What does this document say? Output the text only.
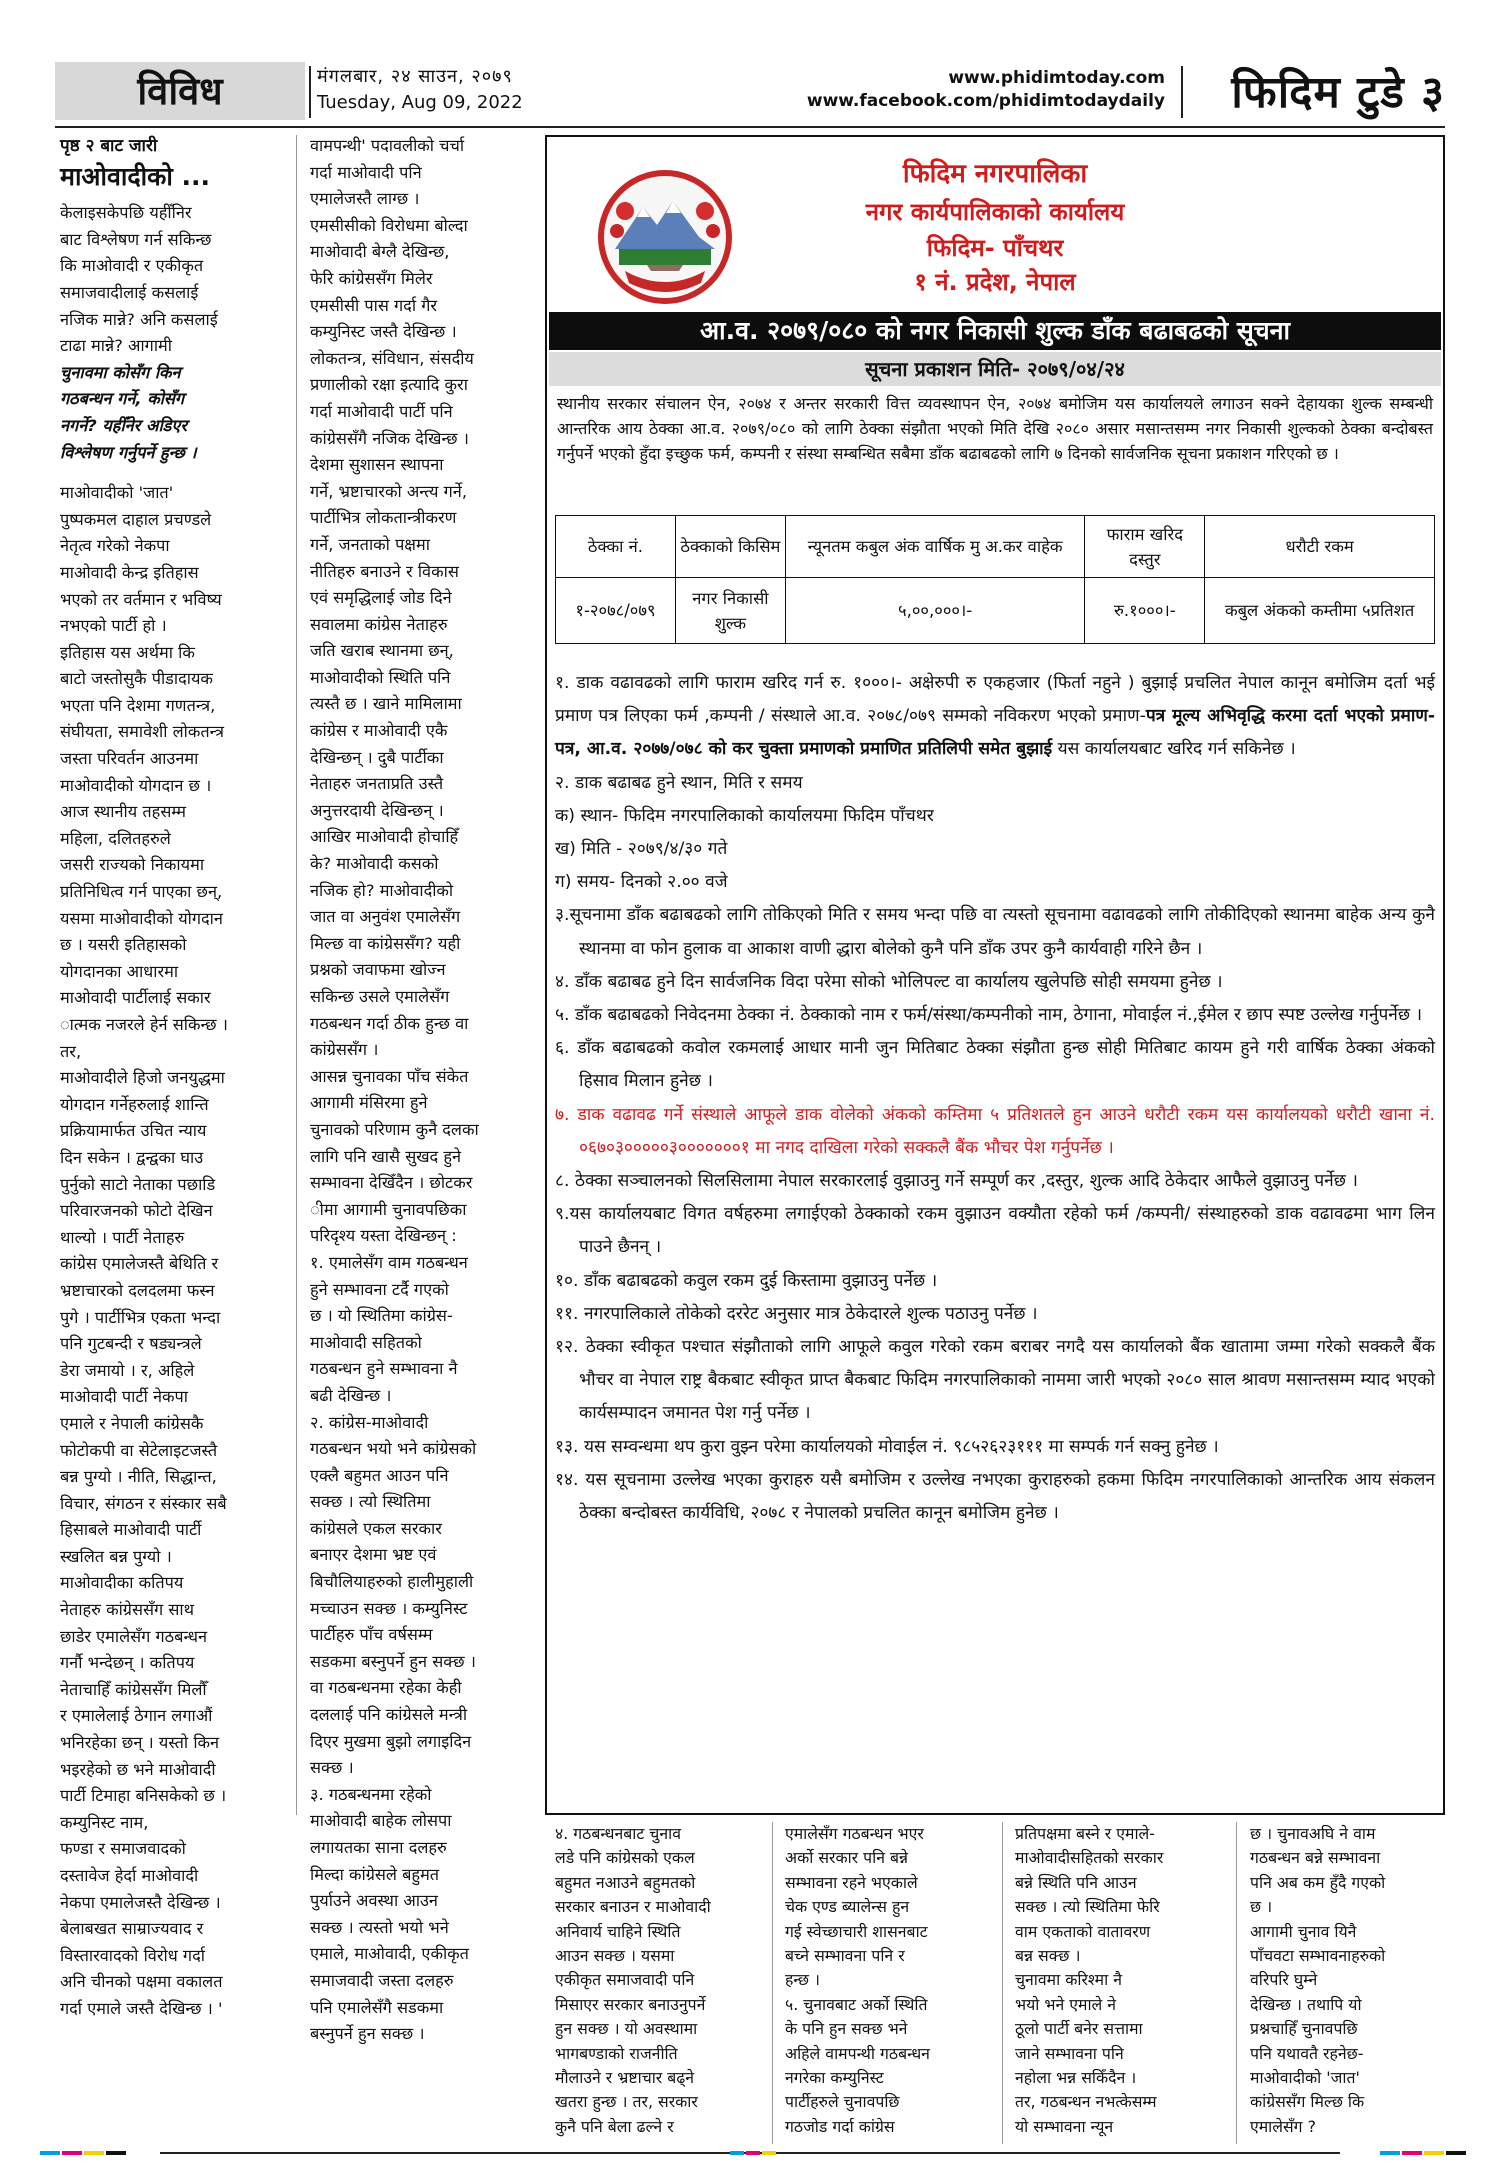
विविध	मंगलबार, २४ साउन, २०७९
Tuesday, Aug 09, 2022
www.phidimtoday.com
www.facebook.com/phidimtodaydaily फिदिम टुडे ३
पृष्ठ २ बाट जारी
माओवादीको ...

केलाइसकेपछि यहीँनिर
बाट विश्लेषण गर्न सकिन्छ
कि माओवादी र एकीकृत
समाजवादीलाई कसलाई
नजिक मान्ने? अनि कसलाई
टाढा मान्ने? आगामी

चुनावमा कोसँग किन
गठबन्धन गर्ने, कोसँग
नगर्ने? यहीँनेर अडिएर
विश्लेषण गर्नुपर्ने हुन्छ ।

माओवादीको 'जात'
पुष्पकमल दाहाल प्रचण्डले
नेतृत्व गरेको नेकपा
माओवादी केन्द्र इतिहास
भएको तर वर्तमान र भविष्य
नभएको पार्टी हो ।
इतिहास यस अर्थमा कि
बाटो जस्तोसुकै पीडादायक
भएता पनि देशमा गणतन्त्र,
संघीयता, समावेशी लोकतन्त्र
जस्ता परिवर्तन आउनमा
माओवादीको योगदान छ ।
आज स्थानीय तहसम्म
महिला, दलितहरुले
जसरी राज्यको निकायमा
प्रतिनिधित्व गर्न पाएका छन्,
यसमा माओवादीको योगदान
छ । यसरी इतिहासको
योगदानका आधारमा
माओवादी पार्टीलाई सकार
ात्मक नजरले हेर्न सकिन्छ ।
तर,
माओवादीले हिजो जनयुद्धमा
योगदान गर्नेहरुलाई शान्ति
प्रक्रियामार्फत उचित न्याय
दिन सकेन । द्वन्द्वका घाउ
पुर्नुको साटो नेताका पछाडि
परिवारजनको फोटो देखिन
थाल्यो । पार्टी नेताहरु
कांग्रेस एमालेजस्तै बेथिति र
भ्रष्टाचारको दलदलमा फस्न
पुगे । पार्टीभित्र एकता भन्दा
पनि गुटबन्दी र षड्यन्त्रले
डेरा जमायो । र, अहिले
माओवादी पार्टी नेकपा
एमाले र नेपाली कांग्रेसकै
फोटोकपी वा सेटेलाइटजस्तै
बन्न पुग्यो । नीति, सिद्धान्त,
विचार, संगठन र संस्कार सबै
हिसाबले माओवादी पार्टी
स्खलित बन्न पुग्यो ।
माओवादीका कतिपय
नेताहरु कांग्रेससँग साथ
छाडेर एमालेसँग गठबन्धन
गर्नौ भन्देछन् । कतिपय
नेताचाहिँ कांग्रेससँग मिलौँ
र एमालेलाई ठेगान लगाऔं
भनिरहेका छन् । यस्तो किन
भइरहेको छ भने माओवादी
पार्टी टिमाहा बनिसकेको छ ।
कम्युनिस्ट नाम,
फण्डा र समाजवादको
दस्तावेज हेर्दा माओवादी
नेकपा एमालेजस्तै देखिन्छ ।
बेलाबखत साम्राज्यवाद र
विस्तारवादको विरोध गर्दा
अनि चीनको पक्षमा वकालत
गर्दा एमाले जस्तै देखिन्छ । '

वामपन्थी' पदावलीको चर्चा
गर्दा माओवादी पनि
एमालेजस्तै लाग्छ ।
एमसीसीको विरोधमा बोल्दा
माओवादी बेग्लै देखिन्छ,
फेरि कांग्रेससँग मिलेर
एमसीसी पास गर्दा गैर
कम्युनिस्ट जस्तै देखिन्छ ।
लोकतन्त्र, संविधान, संसदीय
प्रणालीको रक्षा इत्यादि कुरा
गर्दा माओवादी पार्टी पनि
कांग्रेससँगै नजिक देखिन्छ ।
देशमा सुशासन स्थापना
गर्ने, भ्रष्टाचारको अन्त्य गर्ने,
पार्टीभित्र लोकतान्त्रीकरण
गर्ने, जनताको पक्षमा
नीतिहरु बनाउने र विकास
एवं समृद्धिलाई जोड दिने
सवालमा कांग्रेस नेताहरु
जति खराब स्थानमा छन्,
माओवादीको स्थिति पनि
त्यस्तै छ । खाने मामिलामा
कांग्रेस र माओवादी एकै
देखिन्छन् । दुबै पार्टीका
नेताहरु जनताप्रति उस्तै
अनुत्तरदायी देखिन्छन् ।
आखिर माओवादी होचाहिँ
के? माओवादी कसको
नजिक हो? माओवादीको
जात वा अनुवंश एमालेसँग
मिल्छ वा कांग्रेससँग? यही
प्रश्नको जवाफमा खोज्न
सकिन्छ उसले एमालेसँग
गठबन्धन गर्दा ठीक हुन्छ वा
कांग्रेससँग ।
आसन्न चुनावका पाँच संकेत
आगामी मंसिरमा हुने
चुनावको परिणाम कुनै दलका
लागि पनि खासै सुखद हुने
सम्भावना देखिँदैन । छोटकर
ीमा आगामी चुनावपछिका
परिदृश्य यस्ता देखिन्छन् :
१. एमालेसँग वाम गठबन्धन
हुने सम्भावना टर्दै गएको
छ । यो स्थितिमा कांग्रेस-
माओवादी सहितको
गठबन्धन हुने सम्भावना नै
बढी देखिन्छ ।
२. कांग्रेस-माओवादी
गठबन्धन भयो भने कांग्रेसको
एक्लै बहुमत आउन पनि
सक्छ । त्यो स्थितिमा
कांग्रेसले एकल सरकार
बनाएर देशमा भ्रष्ट एवं
बिचौलियाहरुको हालीमुहाली
मच्चाउन सक्छ । कम्युनिस्ट
पार्टीहरु पाँच वर्षसम्म
सडकमा बस्नुपर्ने हुन सक्छ ।
वा गठबन्धनमा रहेका केही
दललाई पनि कांग्रेसले मन्त्री
दिएर मुखमा बुझो लगाइदिन
सक्छ ।
३. गठबन्धनमा रहेको
माओवादी बाहेक लोसपा
लगायतका साना दलहरु
मिल्दा कांग्रेसले बहुमत
पुर्याउने अवस्था आउन
सक्छ । त्यस्तो भयो भने
एमाले, माओवादी, एकीकृत
समाजवादी जस्ता दलहरु
पनि एमालेसँगै सडकमा
बस्नुपर्ने हुन सक्छ ।

फिदिम नगरपालिका
नगर कार्यपालिकाको कार्यालय
फिदिम- पाँचथर
१ नं. प्रदेश, नेपाल
आ.व. २०७९/०८० को नगर निकासी शुल्क डाँक बढाबढको सूचना
सूचना प्रकाशन मिति- २०७९/०४/२४

स्थानीय सरकार संचालन ऐन, २०७४ र अन्तर सरकारी वित्त व्यवस्थापन ऐन, २०७४ बमोजिम यस कार्यालयले लगाउन सक्ने देहायका शुल्क सम्बन्धी आन्तरिक आय ठेक्का आ.व. २०७९/०८० को लागि ठेक्का संझौता भएको मिति देखि २०८० असार मसान्तसम्म नगर निकासी शुल्कको ठेक्का बन्दोबस्त गर्नुपर्ने भएको हुँदा इच्छुक फर्म, कम्पनी र संस्था सम्बन्धित सबैमा डाँक बढाबढको लागि ७ दिनको सार्वजनिक सूचना प्रकाशन गरिएको छ ।

ठेक्का नं.	ठेक्काको किसिम	न्यूनतम कबुल अंक वार्षिक मु अ.कर वाहेक	फाराम खरिद दस्तुर	धरौटी रकम
१-२०७८/०७९	नगर निकासी शुल्क	५,००,०००।-	रु.१०००।-	कबुल अंकको कम्तीमा ५प्रतिशत

१. डाक वढावढको लागि फाराम खरिद गर्न रु. १०००।- अक्षेरुपी रु एकहजार (फिर्ता नहुने ) बुझाई प्रचलित नेपाल कानून बमोजिम दर्ता भई प्रमाण पत्र लिएका फर्म ,कम्पनी / संस्थाले आ.व. २०७८/०७९ सम्मको नविकरण भएको प्रमाण-पत्र मूल्य अभिवृद्धि करमा दर्ता भएको प्रमाण- पत्र, आ.व. २०७७/०७८ को कर चुक्ता प्रमाणको प्रमाणित प्रतिलिपी समेत बुझाई यस कार्यालयबाट खरिद गर्न सकिनेछ ।

२. डाक बढाबढ हुने स्थान, मिति र समय

क) स्थान- फिदिम नगरपालिकाको कार्यालयमा फिदिम पाँचथर

ख) मिति - २०७९/४/३० गते

ग) समय- दिनको २.०० वजे

३.सूचनामा डाँक बढाबढको लागि तोकिएको मिति र समय भन्दा पछि वा त्यस्तो सूचनामा वढावढको लागि तोकीदिएको स्थानमा बाहेक अन्य कुनै स्थानमा वा फोन हुलाक वा आकाश वाणी द्धारा बोलेको कुनै पनि डाँक उपर कुनै कार्यवाही गरिने छैन ।

४. डाँक बढाबढ हुने दिन सार्वजनिक विदा परेमा सोको भोलिपल्ट वा कार्यालय खुलेपछि सोही समयमा हुनेछ ।

५. डाँक बढाबढको निवेदनमा ठेक्का नं. ठेक्काको नाम र फर्म/संस्था/कम्पनीको नाम, ठेगाना, मोवाईल नं.,ईमेल र छाप स्पष्ट उल्लेख गर्नुपर्नेछ ।

६. डाँक बढाबढको कवोल रकमलाई आधार मानी जुन मितिबाट ठेक्का संझौता हुन्छ सोही मितिबाट कायम हुने गरी वार्षिक ठेक्का अंकको हिसाव मिलान हुनेछ ।

७. डाक वढावढ गर्ने संस्थाले आफूले डाक वोलेको अंकको कम्तिमा ५ प्रतिशतले हुन आउने धरौटी रकम यस कार्यालयको धरौटी खाना नं. ०६७०३०००००३०००००००१ मा नगद दाखिला गरेको सक्कलै बैंक भौचर पेश गर्नुपर्नेछ ।

८. ठेक्का सञ्चालनको सिलसिलामा नेपाल सरकारलाई वुझाउनु गर्ने सम्पूर्ण कर ,दस्तुर, शुल्क आदि ठेकेदार आफैले वुझाउनु पर्नेछ ।

९.यस कार्यालयबाट विगत वर्षहरुमा लगाईएको ठेक्काको रकम वुझाउन वक्यौता रहेको फर्म /कम्पनी/ संस्थाहरुको डाक वढावढमा भाग लिन पाउने छैनन् ।

१०. डाँक बढाबढको कवुल रकम दुई किस्तामा वुझाउनु पर्नेछ ।

११. नगरपालिकाले तोकेको दररेट अनुसार मात्र ठेकेदारले शुल्क पठाउनु पर्नेछ ।

१२. ठेक्का स्वीकृत पश्चात संझौताको लागि आफूले कवुल गरेको रकम बराबर नगदै यस कार्यालको बैंक खातामा जम्मा गरेको सक्कलै बैंक भौचर वा नेपाल राष्ट्र बैकबाट स्वीकृत प्राप्त बैकबाट फिदिम नगरपालिकाको नाममा जारी भएको २०८० साल श्रावण मसान्तसम्म म्याद भएको कार्यसम्पादन जमानत पेश गर्नु पर्नेछ ।

१३. यस सम्वन्धमा थप कुरा वुझ्न परेमा कार्यालयको मोवाईल नं. ९८५२६२३१११ मा सम्पर्क गर्न सक्नु हुनेछ ।

१४. यस सूचनामा उल्लेख भएका कुराहरु यसै बमोजिम र उल्लेख नभएका कुराहरुको हकमा फिदिम नगरपालिकाको आन्तरिक आय संकलन ठेक्का बन्दोबस्त कार्यविधि, २०७८ र नेपालको प्रचलित कानून बमोजिम हुनेछ ।

४. गठबन्धनबाट चुनाव
लडे पनि कांग्रेसको एकल
बहुमत नआउने बहुमतको
सरकार बनाउन र माओवादी
अनिवार्य चाहिने स्थिति
आउन सक्छ । यसमा
एकीकृत समाजवादी पनि
मिसाएर सरकार बनाउनुपर्ने
हुन सक्छ । यो अवस्थामा
भागबण्डाको राजनीति
मौलाउने र भ्रष्टाचार बढ्ने
खतरा हुन्छ । तर, सरकार
कुनै पनि बेला ढल्ने र

एमालेसँग गठबन्धन भएर
अर्को सरकार पनि बन्ने
सम्भावना रहने भएकाले
चेक एण्ड ब्यालेन्स हुन
गई स्वेच्छाचारी शासनबाट
बच्ने सम्भावना पनि र
हन्छ ।
५. चुनावबाट अर्को स्थिति
के पनि हुन सक्छ भने
अहिले वामपन्थी गठबन्धन
नगरेका कम्युनिस्ट
पार्टीहरुले चुनावपछि
गठजोड गर्दा कांग्रेस

प्रतिपक्षमा बस्ने र एमाले-
माओवादीसहितको सरकार
बन्ने स्थिति पनि आउन
सक्छ । त्यो स्थितिमा फेरि
वाम एकताको वातावरण
बन्न सक्छ ।
चुनावमा करिश्मा नै
भयो भने एमाले ने
ठूलो पार्टी बनेर सत्तामा
जाने सम्भावना पनि
नहोला भन्न सकिँदैन ।
तर, गठबन्धन नभत्केसम्म
यो सम्भावना न्यून

छ । चुनावअघि ने वाम
गठबन्धन बन्ने सम्भावना
पनि अब कम हुँदै गएको
छ ।
आगामी चुनाव यिनै
पाँचवटा सम्भावनाहरुको
वरिपरि घुम्ने
देखिन्छ । तथापि यो
प्रश्नचाहिँ चुनावपछि
पनि यथावतै रहनेछ-
माओवादीको 'जात'
कांग्रेससँग मिल्छ कि
एमालेसँग ?
